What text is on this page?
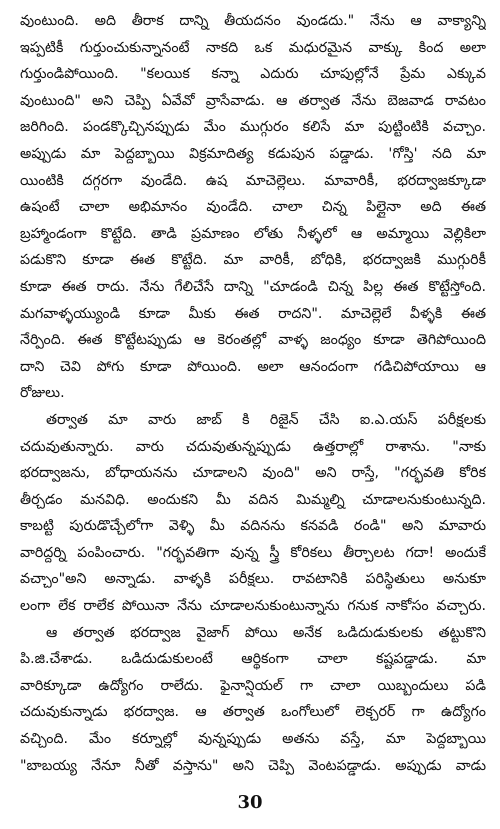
వుంటుంది. అది తీరాక దాన్ని తీయదనం వుండదు." నేను ఆ వాక్యాన్ని
ఇప్పటికీ గుర్తుంచుకున్నానంటే నాకది ఒక మధురమైన వాక్కు కింద అలా
గుర్తుండిపోయింది. "కలయిక కన్నా ఎదురు చూపుల్లోనే ప్రేమ ఎక్కువ
వుంటుంది" అని చెప్పి ఏవేవో వ్రాసేవాడు. ఆ తర్వాత నేను బెజవాడ రావటం
జరిగింది. పండక్కొచ్చినప్పుడు మేం ముగ్గురం కలిసే మా పుట్టింటికి వచ్చాం.
అప్పుడు మా పెద్దబ్బాయి విక్రమాదిత్య కడుపున పడ్డాడు. 'గోస్తి' నది మా
యింటికి దగ్గరగా వుండేది. ఉష మాచెల్లెలు. మావారికీ, భరద్వాజక్కూడా
ఉషంటే చాలా అభిమానం వుండేది. చాలా చిన్న పిల్లైనా అది ఈత
బ్రహ్మాండంగా కొట్టేది. తాడి ప్రమాణం లోతు నీళ్ళలో ఆ అమ్మాయి వెల్లికిలా
పడుకొని కూడా ఈత కొట్టేది. మా వారికీ, బోధికి, భరద్వాజకి ముగ్గురికీ
కూడా ఈత రాదు. నేను గేలిచేసే దాన్ని "చూడండి చిన్న పిల్ల ఈత కొట్టేస్తోంది.
మగవాళ్ళయ్యుండి కూడా మీకు ఈత రాదని". మాచెల్లెలే వీళ్ళకి ఈత
నేర్పింది. ఈత కొట్టేటప్పుడు ఆ కెరంతల్లో వాళ్ళ జంధ్యం కూడా తెగిపోయింది
దాని చెవి పోగు కూడా పోయింది. అలా ఆనందంగా గడిచిపోయాయి ఆ
రోజులు.
తర్వాత మా వారు జాబ్ కి రిజైన్ చేసి ఐ.ఎ.యస్ పరీక్షలకు
చదువుతున్నారు. వారు చదువుతున్నప్పుడు ఉత్తరాల్లో రాశాను. "నాకు
భరద్వాజను, బోధాయనను చూడాలని వుంది" అని రాస్తే, "గర్భవతి కోరిక
తీర్చడం మనవిధి. అందుకని మీ వదిన మిమ్మల్ని చూడాలనుకుంటున్నది.
కాబట్టి పురుడొచ్చేలోగా వెళ్ళి మీ వదినను కనవడి రండి" అని మావారు
వారిద్దర్ని పంపించారు. "గర్భవతిగా వున్న స్త్రీ కోరికలు తీర్చాలట గదా! అందుకే
వచ్చాం"అని అన్నాడు. వాళ్ళకి పరీక్షలు. రావటానికి పరిస్థితులు అనుకూ
లంగా లేక రాలేక పోయినా నేను చూడాలనుకుంటున్నాను గనుక నాకోసం వచ్చారు.
ఆ తర్వాత భరద్వాజ వైజాగ్ పోయి అనేక ఒడిదుడుకులకు తట్టుకొని
పి.జి.చేశాడు. ఒడిదుడుకులంటే ఆర్థికంగా చాలా కష్టపడ్డాడు. మా
వారిక్కూడా ఉద్యోగం రాలేదు. ఫైనాన్షియల్ గా చాలా యిబ్బందులు పడి
చదువుకున్నాడు భరద్వాజ. ఆ తర్వాత ఒంగోలులో లెక్చరర్ గా ఉద్యోగం
వచ్చింది. మేం కర్నూల్లో వున్నప్పుడు అతను వస్తే, మా పెద్దబ్బాయి
"బాబయ్య నేనూ నీతో వస్తాను" అని చెప్పి వెంటపడ్డాడు. అప్పుడు వాడు
30
